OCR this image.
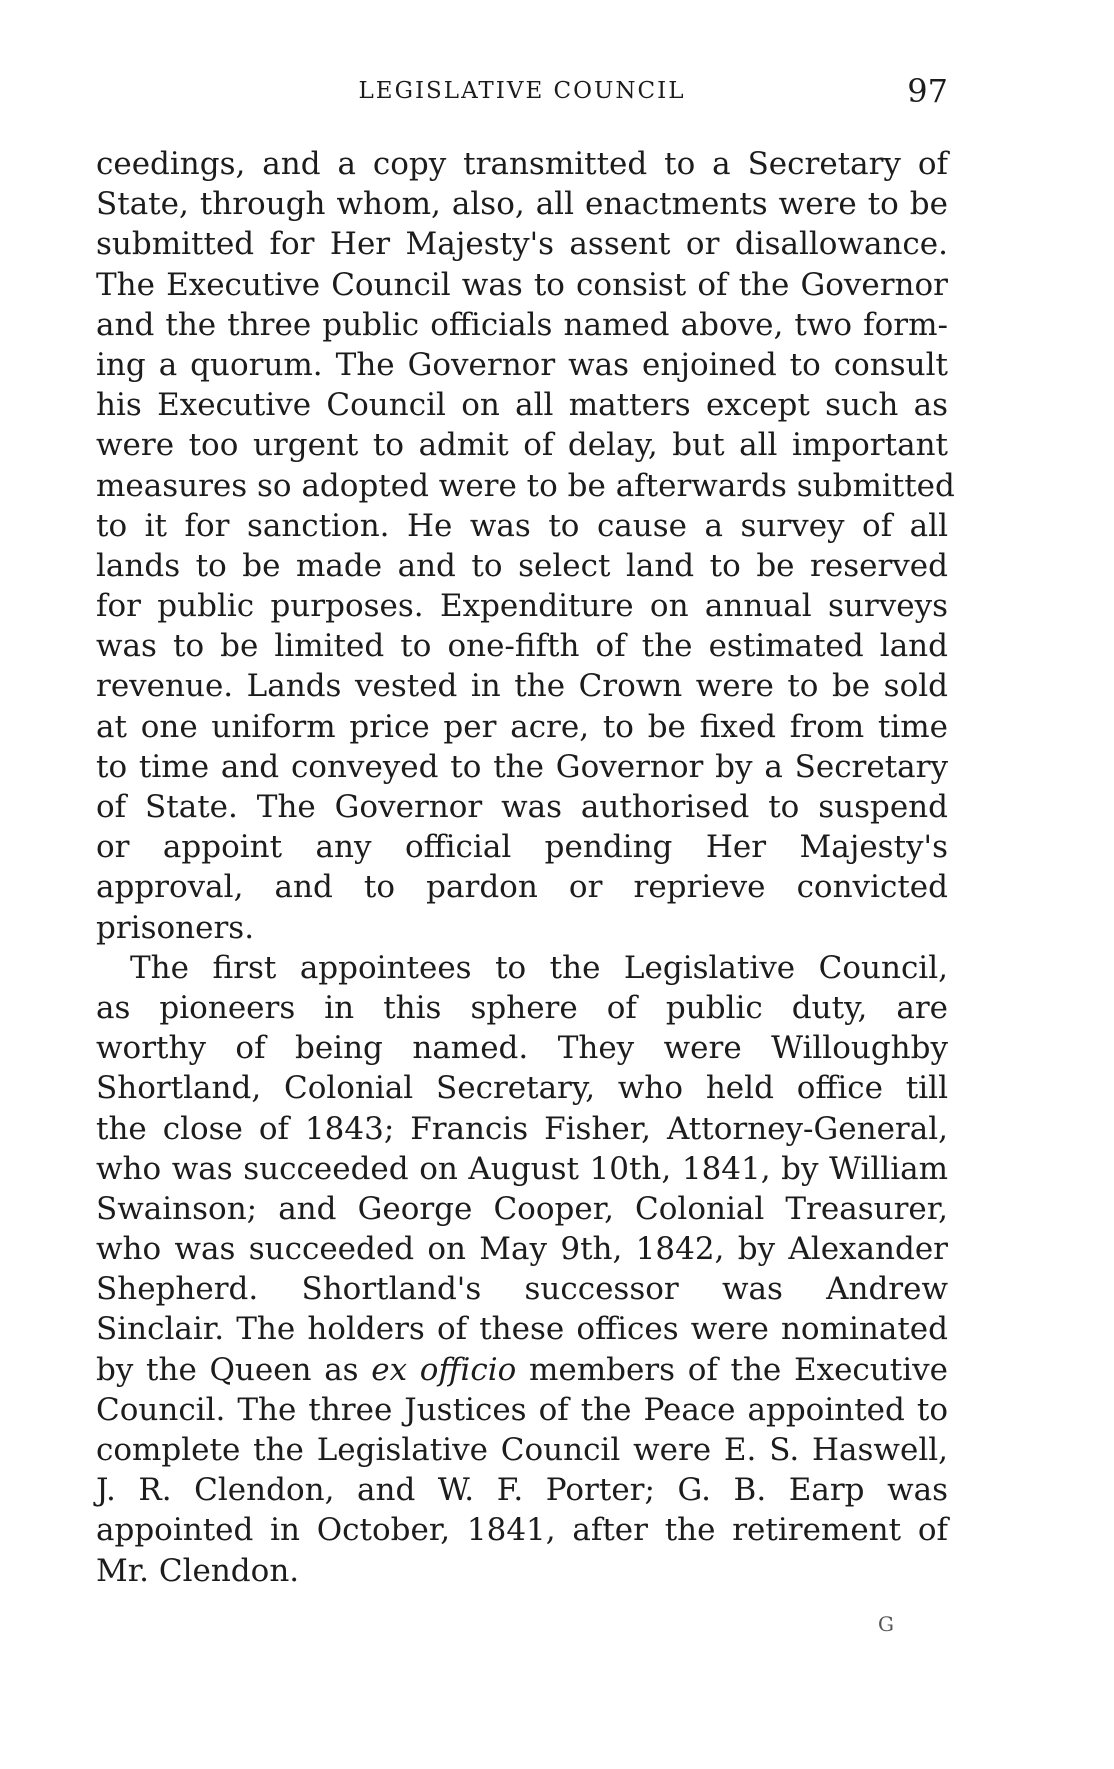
LEGISLATIVE COUNCIL	97
ceedings, and a copy transmitted to a Secretary of
State, through whom, also, all enactments were to be
submitted for Her Majesty's assent or disallowance.
The Executive Council was to consist of the Governor
and the three public officials named above, two form-
ing a quorum. The Governor was enjoined to consult
his Executive Council on all matters except such as
were too urgent to admit of delay, but all important
measures so adopted were to be afterwards submitted
to it for sanction. He was to cause a survey of all
lands to be made and to select land to be reserved
for public purposes. Expenditure on annual surveys
was to be limited to one-fifth of the estimated land
revenue. Lands vested in the Crown were to be sold
at one uniform price per acre, to be fixed from time
to time and conveyed to the Governor by a Secretary
of State. The Governor was authorised to suspend
or appoint any official pending Her Majesty's
approval, and to pardon or reprieve convicted
prisoners.
The first appointees to the Legislative Council,
as pioneers in this sphere of public duty, are
worthy of being named. They were Willoughby
Shortland, Colonial Secretary, who held office till
the close of 1843; Francis Fisher, Attorney-General,
who was succeeded on August 10th, 1841, by William
Swainson; and George Cooper, Colonial Treasurer,
who was succeeded on May 9th, 1842, by Alexander
Shepherd. Shortland's successor was Andrew
Sinclair. The holders of these offices were nominated
by the Queen as ex officio members of the Executive
Council. The three Justices of the Peace appointed to
complete the Legislative Council were E. S. Haswell,
J. R. Clendon, and W. F. Porter; G. B. Earp was
appointed in October, 1841, after the retirement of
Mr. Clendon.
G
